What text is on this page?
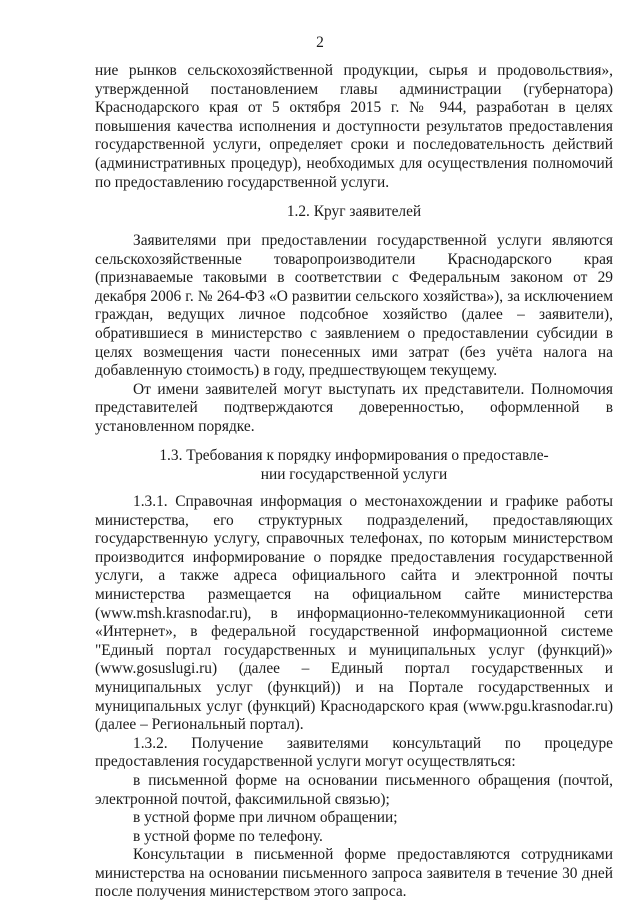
2

ние рынков сельскохозяйственной продукции, сырья и продовольствия», утвержденной постановлением главы администрации (губернатора) Краснодарского края от 5 октября 2015 г. № 944, разработан в целях повышения качества исполнения и доступности результатов предоставления государственной услуги, определяет сроки и последовательность действий (административных процедур), необходимых для осуществления полномочий по предоставлению государственной услуги.

1.2. Круг заявителей

Заявителями при предоставлении государственной услуги являются сельскохозяйственные товаропроизводители Краснодарского края (признаваемые таковыми в соответствии с Федеральным законом от 29 декабря 2006 г. № 264-ФЗ «О развитии сельского хозяйства»), за исключением граждан, ведущих личное подсобное хозяйство (далее – заявители), обратившиеся в министерство с заявлением о предоставлении субсидии в целях возмещения части понесенных ими затрат (без учёта налога на добавленную стоимость) в году, предшествующем текущему.

От имени заявителей могут выступать их представители. Полномочия представителей подтверждаются доверенностью, оформленной в установленном порядке.

1.3. Требования к порядку информирования о предоставле-

нии государственной услуги

1.3.1. Справочная информация о местонахождении и графике работы министерства, его структурных подразделений, предоставляющих государственную услугу, справочных телефонах, по которым министерством производится информирование о порядке предоставления государственной услуги, а также адреса официального сайта и электронной почты министерства размещается на официальном сайте министерства (www.msh.krasnodar.ru), в информационно-телекоммуникационной сети «Интернет», в федеральной государственной информационной системе "Единый портал государственных и муниципальных услуг (функций)» (www.gosuslugi.ru) (далее – Единый портал государственных и муниципальных услуг (функций)) и на Портале государственных и муниципальных услуг (функций) Краснодарского края (www.pgu.krasnodar.ru) (далее – Региональный портал).

1.3.2. Получение заявителями консультаций по процедуре предоставления государственной услуги могут осуществляться:

в письменной форме на основании письменного обращения (почтой, электронной почтой, факсимильной связью);

в устной форме при личном обращении;

в устной форме по телефону.

Консультации в письменной форме предоставляются сотрудниками министерства на основании письменного запроса заявителя в течение 30 дней после получения министерством этого запроса.
